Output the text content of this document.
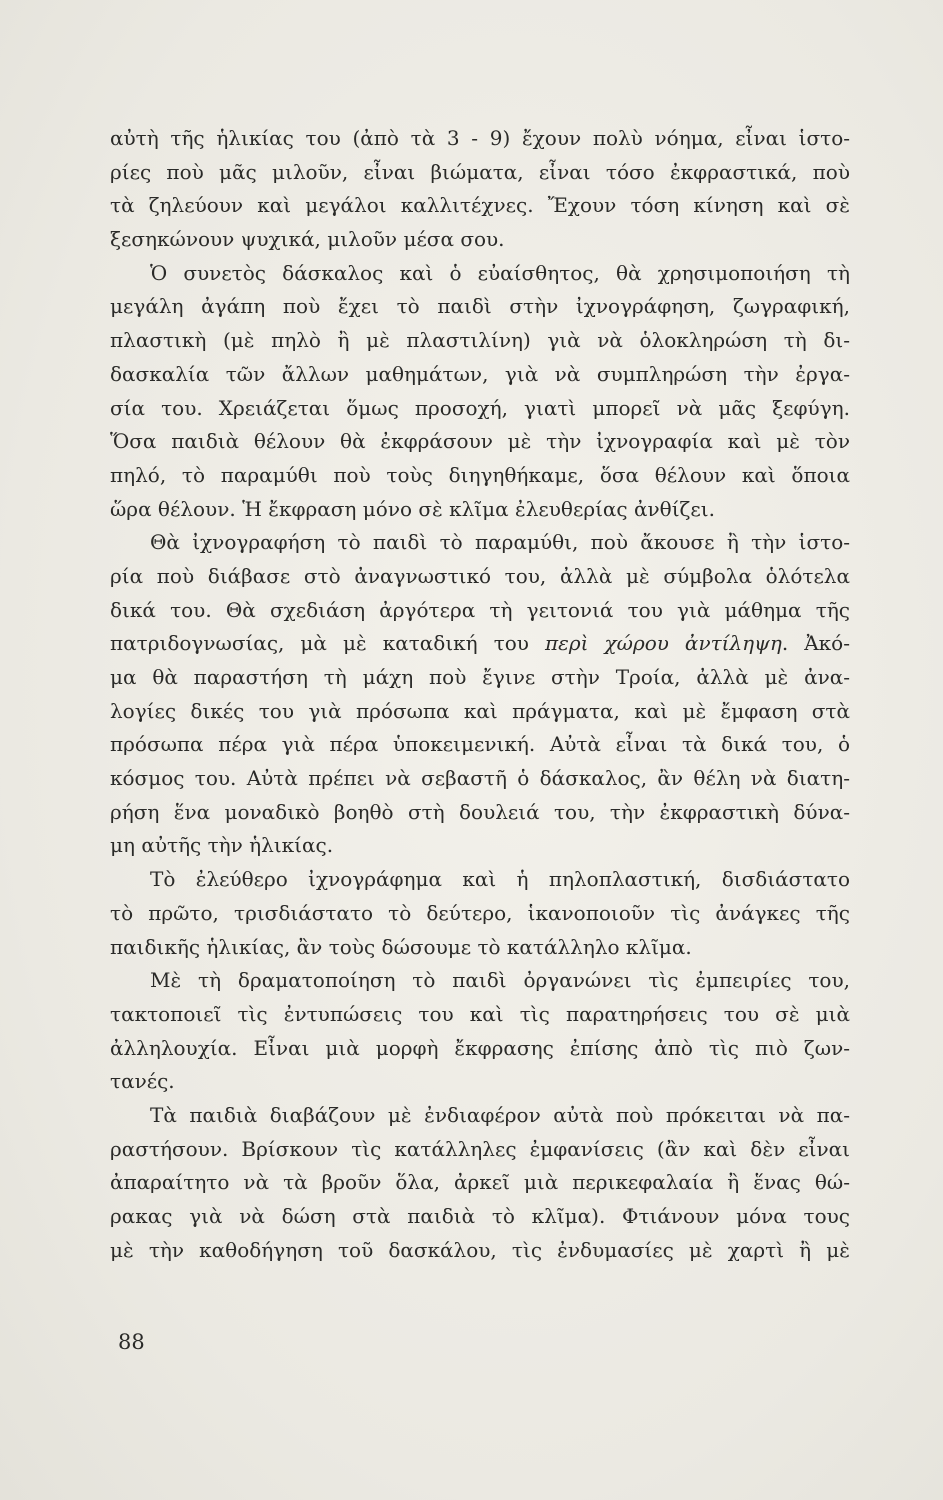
αὐτὴ τῆς ἡλικίας του (ἀπὸ τὰ 3 - 9) ἔχουν πολὺ νόημα, εἶναι ἱστο-
ρίες ποὺ μᾶς μιλοῦν, εἶναι βιώματα, εἶναι τόσο ἐκφραστικά, ποὺ
τὰ ζηλεύουν καὶ μεγάλοι καλλιτέχνες. Ἔχουν τόση κίνηση καὶ σὲ
ξεσηκώνουν ψυχικά, μιλοῦν μέσα σου.
Ὁ συνετὸς δάσκαλος καὶ ὁ εὐαίσθητος, θὰ χρησιμοποιήση τὴ
μεγάλη ἀγάπη ποὺ ἔχει τὸ παιδὶ στὴν ἰχνογράφηση, ζωγραφική,
πλαστικὴ (μὲ πηλὸ ἢ μὲ πλαστιλίνη) γιὰ νὰ ὁλοκληρώση τὴ δι-
δασκαλία τῶν ἄλλων μαθημάτων, γιὰ νὰ συμπληρώση τὴν ἐργα-
σία του. Χρειάζεται ὅμως προσοχή, γιατὶ μπορεῖ νὰ μᾶς ξεφύγη.
Ὅσα παιδιὰ θέλουν θὰ ἐκφράσουν μὲ τὴν ἰχνογραφία καὶ μὲ τὸν
πηλό, τὸ παραμύθι ποὺ τοὺς διηγηθήκαμε, ὅσα θέλουν καὶ ὅποια
ὥρα θέλουν. Ἡ ἔκφραση μόνο σὲ κλῖμα ἐλευθερίας ἀνθίζει.
Θὰ ἰχνογραφήση τὸ παιδὶ τὸ παραμύθι, ποὺ ἄκουσε ἢ τὴν ἱστο-
ρία ποὺ διάβασε στὸ ἀναγνωστικό του, ἀλλὰ μὲ σύμβολα ὁλότελα
δικά του. Θὰ σχεδιάση ἀργότερα τὴ γειτονιά του γιὰ μάθημα τῆς
πατριδογνωσίας, μὰ μὲ καταδική του περὶ χώρου ἀντίληψη. Ἀκό-
μα θὰ παραστήση τὴ μάχη ποὺ ἔγινε στὴν Τροία, ἀλλὰ μὲ ἀνα-
λογίες δικές του γιὰ πρόσωπα καὶ πράγματα, καὶ μὲ ἔμφαση στὰ
πρόσωπα πέρα γιὰ πέρα ὑποκειμενική. Αὐτὰ εἶναι τὰ δικά του, ὁ
κόσμος του. Αὐτὰ πρέπει νὰ σεβαστῆ ὁ δάσκαλος, ἂν θέλη νὰ διατη-
ρήση ἕνα μοναδικὸ βοηθὸ στὴ δουλειά του, τὴν ἐκφραστικὴ δύνα-
μη αὐτῆς τὴν ἡλικίας.
Τὸ ἐλεύθερο ἰχνογράφημα καὶ ἡ πηλοπλαστική, δισδιάστατο
τὸ πρῶτο, τρισδιάστατο τὸ δεύτερο, ἱκανοποιοῦν τὶς ἀνάγκες τῆς
παιδικῆς ἡλικίας, ἂν τοὺς δώσουμε τὸ κατάλληλο κλῖμα.
Μὲ τὴ δραματοποίηση τὸ παιδὶ ὀργανώνει τὶς ἐμπειρίες του,
τακτοποιεῖ τὶς ἐντυπώσεις του καὶ τὶς παρατηρήσεις του σὲ μιὰ
ἀλληλουχία. Εἶναι μιὰ μορφὴ ἔκφρασης ἐπίσης ἀπὸ τὶς πιὸ ζων-
τανές.
Τὰ παιδιὰ διαβάζουν μὲ ἐνδιαφέρον αὐτὰ ποὺ πρόκειται νὰ πα-
ραστήσουν. Βρίσκουν τὶς κατάλληλες ἐμφανίσεις (ἂν καὶ δὲν εἶναι
ἀπαραίτητο νὰ τὰ βροῦν ὅλα, ἀρκεῖ μιὰ περικεφαλαία ἢ ἕνας θώ-
ρακας γιὰ νὰ δώση στὰ παιδιὰ τὸ κλῖμα). Φτιάνουν μόνα τους
μὲ τὴν καθοδήγηση τοῦ δασκάλου, τὶς ἐνδυμασίες μὲ χαρτὶ ἢ μὲ
88
